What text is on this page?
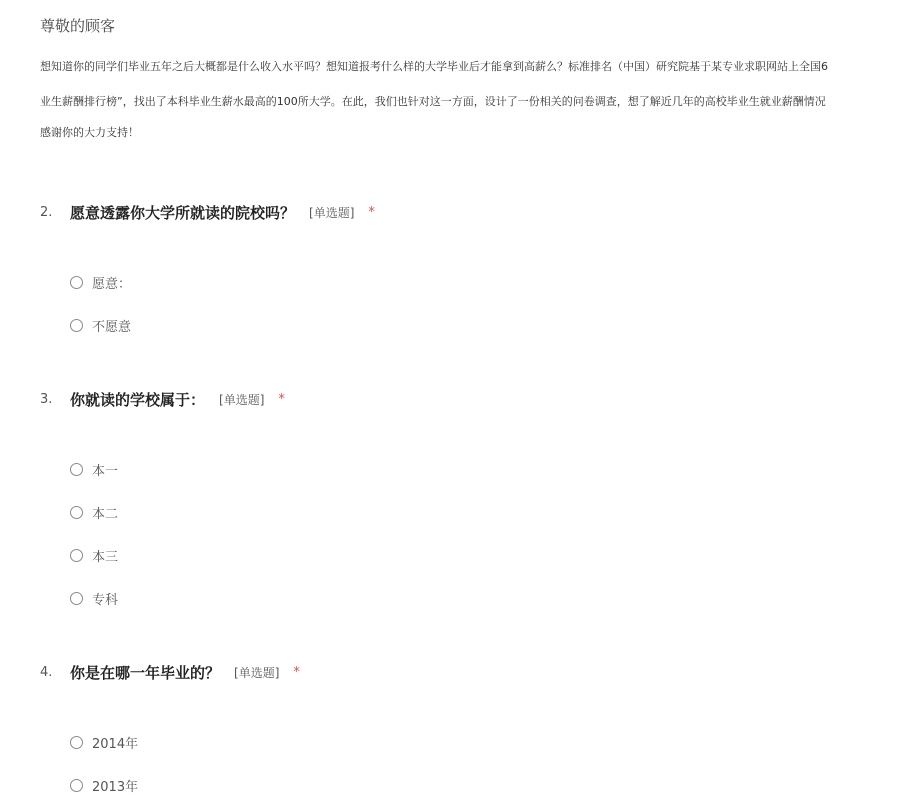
尊敬的顾客
想知道你的同学们毕业五年之后大概都是什么收入水平吗？想知道报考什么样的大学毕业后才能拿到高薪么？标准排名（中国）研究院基于某专业求职网站上全国6
业生薪酬排行榜”，找出了本科毕业生薪水最高的100所大学。在此，我们也针对这一方面，设计了一份相关的问卷调查，想了解近几年的高校毕业生就业薪酬情况
感谢你的大力支持！
2.	愿意透露你大学所就读的院校吗？ [单选题] *
愿意：
不愿意
3.	你就读的学校属于： [单选题] *
本一
本二
本三
专科
4.	你是在哪一年毕业的？ [单选题] *
2014年
2013年
